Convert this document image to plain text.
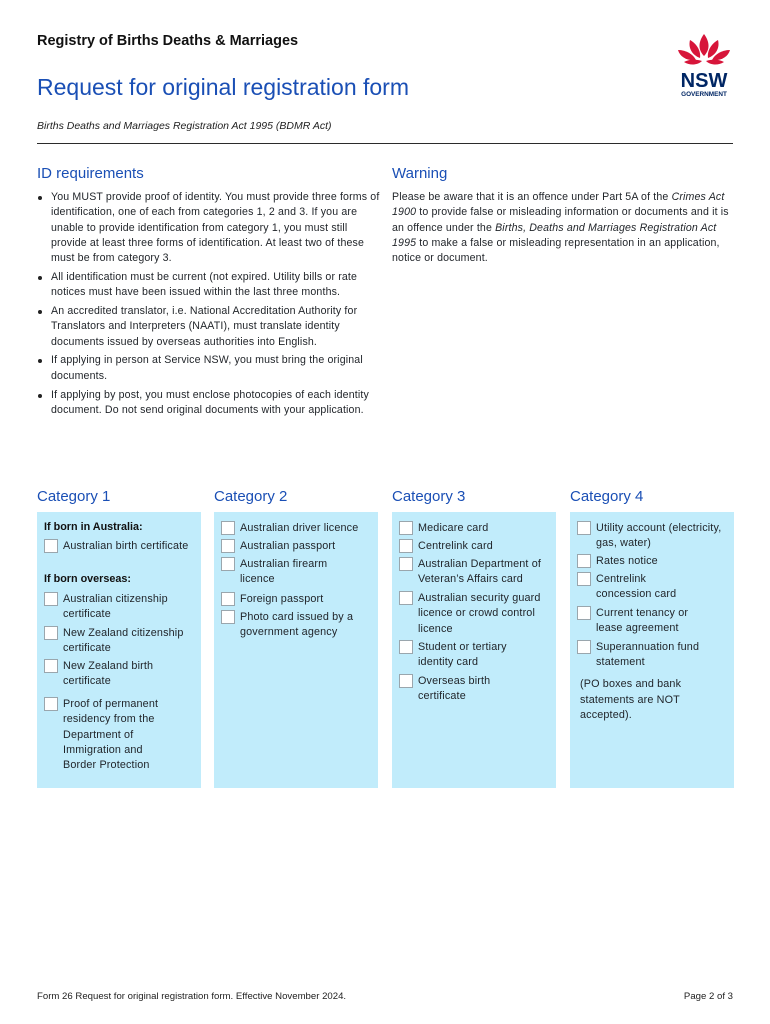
Registry of Births Deaths & Marriages
NSW
GOVERNMENT
Request for original registration form
Births Deaths and Marriages Registration Act 1995 (BDMR Act)
ID requirements
You MUST provide proof of identity. You must provide three forms of identification, one of each from categories 1, 2 and 3. If you are unable to provide identification from category 1, you must still provide at least three forms of identification. At least two of these must be from category 3.
All identification must be current (not expired. Utility bills or rate notices must have been issued within the last three months.
An accredited translator, i.e. National Accreditation Authority for Translators and Interpreters (NAATI), must translate identity documents issued by overseas authorities into English.
If applying in person at Service NSW, you must bring the original documents.
If applying by post, you must enclose photocopies of each identity document. Do not send original documents with your application.
Warning
Please be aware that it is an offence under Part 5A of the Crimes Act 1900 to provide false or misleading information or documents and it is an offence under the Births, Deaths and Marriages Registration Act 1995 to make a false or misleading representation in an application, notice or document.
Category 1
If born in Australia:
Australian birth certificate
If born overseas:
Australian citizenship certificate
New Zealand citizenship certificate
New Zealand birth certificate
Proof of permanent residency from the Department of Immigration and Border Protection
Category 2
Australian driver licence
Australian passport
Australian firearm licence
Foreign passport
Photo card issued by a government agency
Category 3
Medicare card
Centrelink card
Australian Department of Veteran’s Affairs card
Australian security guard licence or crowd control licence
Student or tertiary identity card
Overseas birth certificate
Category 4
Utility account (electricity, gas, water)
Rates notice
Centrelink concession card
Current tenancy or lease agreement
Superannuation fund statement
(PO boxes and bank statements are NOT accepted).
Form 26 Request for original registration form. Effective November 2024.	Page 2 of 3
